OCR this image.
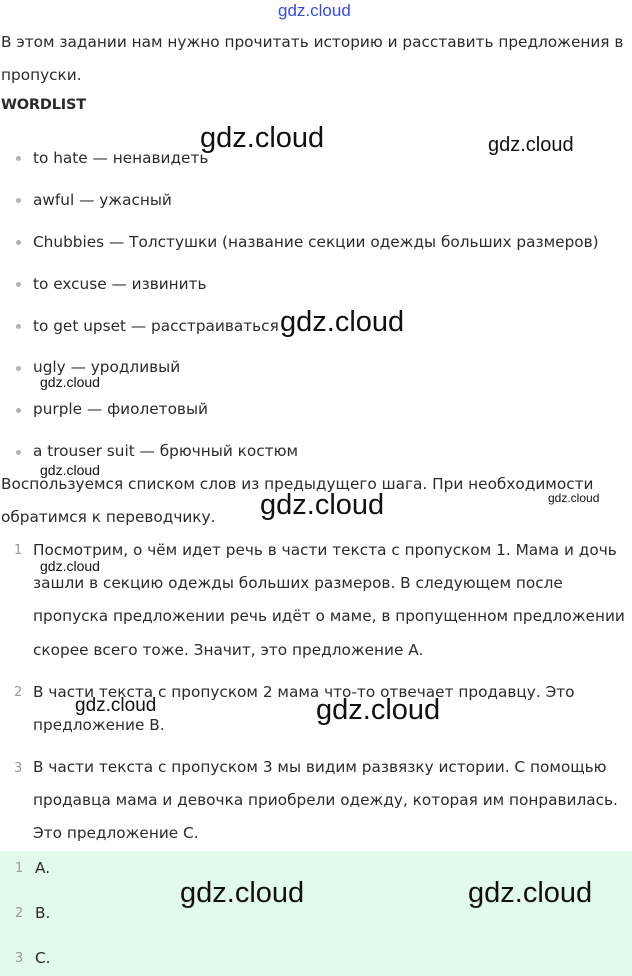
gdz.cloud
В этом задании нам нужно прочитать историю и расставить предложения в
пропуски.
WORDLIST
to hate — ненавидеть
awful — ужасный
Chubbies — Толстушки (название секции одежды больших размеров)
to excuse — извинить
to get upset — расстраиваться
ugly — уродливый
purple — фиолетовый
a trouser suit — брючный костюм
Воспользуемся списком слов из предыдущего шага. При необходимости
обратимся к переводчику.
1 Посмотрим, о чём идет речь в части текста с пропуском 1. Мама и дочь
зашли в секцию одежды больших размеров. В следующем после
пропуска предложении речь идёт о маме, в пропущенном предложении
скорее всего тоже. Значит, это предложение A.
2 В части текста с пропуском 2 мама что-то отвечает продавцу. Это
предложение B.
3 В части текста с пропуском 3 мы видим развязку истории. С помощью
продавца мама и девочка приобрели одежду, которая им понравилась.
Это предложение C.
1 A.
2 B.
3 C.
gdz.cloud	gdz.cloud
gdz.cloud
gdz.cloud
gdz.cloud
gdz.cloud	gdz.cloud
gdz.cloud
gdz.cloud	gdz.cloud
gdz.cloud	gdz.cloud
